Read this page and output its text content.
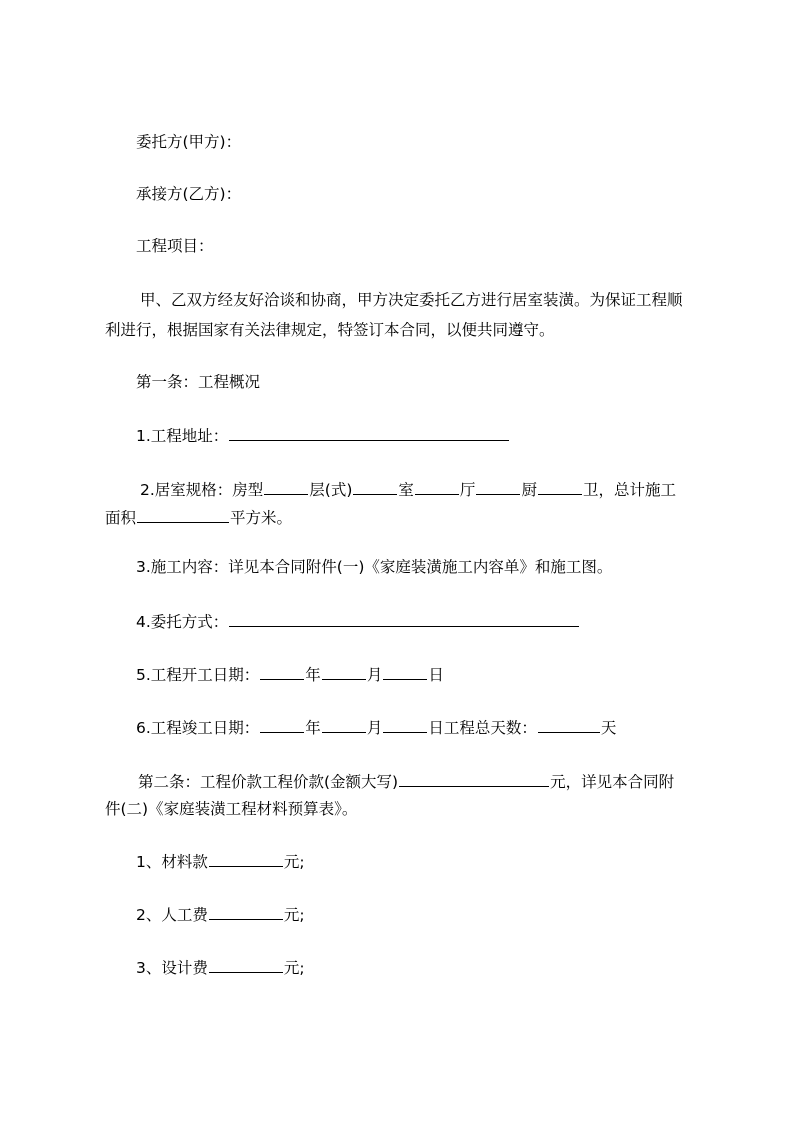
委托方(甲方)：
承接方(乙方)：
工程项目：
甲、乙双方经友好洽谈和协商，甲方决定委托乙方进行居室装潢。为保证工程顺
利进行，根据国家有关法律规定，特签订本合同，以便共同遵守。
第一条：工程概况
1.工程地址：
2.居室规格：房型	层(式)	室	厅	厨	卫，总计施工
面积	平方米。
3.施工内容：详见本合同附件(一)《家庭装潢施工内容单》和施工图。
4.委托方式：
5.工程开工日期：	年	月	日
6.工程竣工日期：	年	月	日工程总天数：	天
第二条：工程价款工程价款(金额大写)	元，详见本合同附
件(二)《家庭装潢工程材料预算表》。
1、材料款	元;
2、人工费	元;
3、设计费	元;
